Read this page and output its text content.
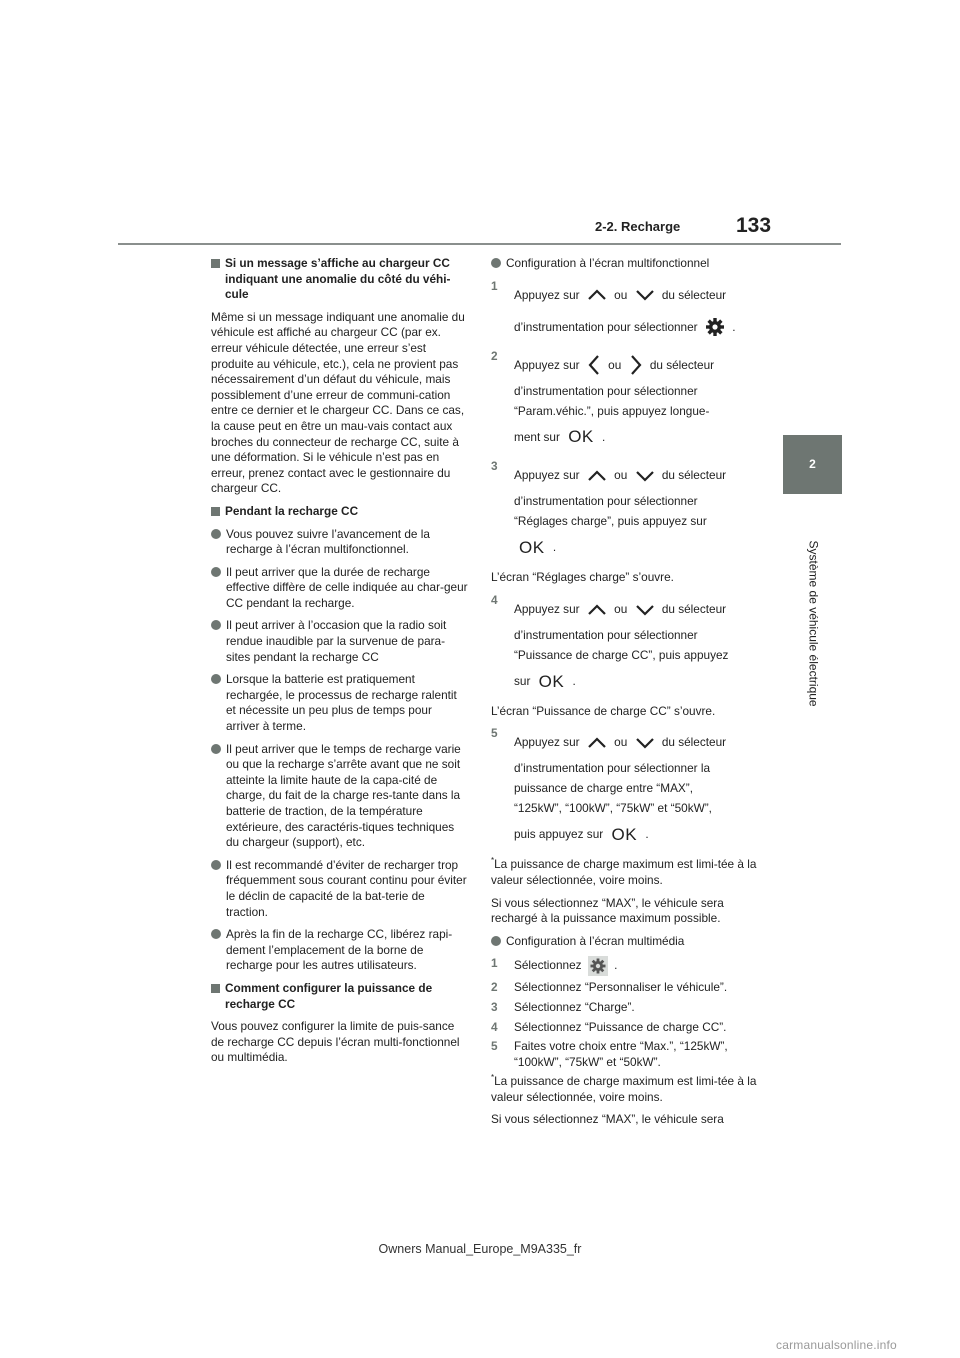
2-2. Recharge	133
2
Système de véhicule électrique

Si un message s’affiche au chargeur CC indiquant une anomalie du côté du véhi-cule

Même si un message indiquant une anomalie du véhicule est affiché au chargeur CC (par ex. erreur véhicule détectée, une erreur s’est produite au véhicule, etc.), cela ne provient pas nécessairement d’un défaut du véhicule, mais possiblement d’une erreur de communi-cation entre ce dernier et le chargeur CC. Dans ce cas, la cause peut en être un mau-vais contact aux broches du connecteur de recharge CC, suite à une déformation. Si le véhicule n’est pas en erreur, prenez contact avec le gestionnaire du chargeur CC.

Pendant la recharge CC

Vous pouvez suivre l’avancement de la recharge à l’écran multifonctionnel.

Il peut arriver que la durée de recharge effective diffère de celle indiquée au char-geur CC pendant la recharge.

Il peut arriver à l’occasion que la radio soit rendue inaudible par la survenue de para-sites pendant la recharge CC

Lorsque la batterie est pratiquement rechargée, le processus de recharge ralentit et nécessite un peu plus de temps pour arriver à terme.

Il peut arriver que le temps de recharge varie ou que la recharge s’arrête avant que ne soit atteinte la limite haute de la capa-cité de charge, du fait de la charge res-tante dans la batterie de traction, de la température extérieure, des caractéris-tiques techniques du chargeur (support), etc.

Il est recommandé d’éviter de recharger trop fréquemment sous courant continu pour éviter le déclin de capacité de la bat-terie de traction.

Après la fin de la recharge CC, libérez rapi-dement l’emplacement de la borne de recharge pour les autres utilisateurs.

Comment configurer la puissance de recharge CC

Vous pouvez configurer la limite de puis-sance de recharge CC depuis l’écran multi-fonctionnel ou multimédia.

Configuration à l’écran multifonctionnel

1
Appuyez sur	ou	du sélecteur
d’instrumentation pour sélectionner	.
2
Appuyez sur ou du sélecteur
d’instrumentation pour sélectionner
“Param.véhic.”, puis appuyez longue-
ment sur OK .
3
Appuyez sur	ou	du sélecteur
d’instrumentation pour sélectionner
“Réglages charge”, puis appuyez sur
OK .

L’écran “Réglages charge” s’ouvre.

4
Appuyez sur	ou	du sélecteur
d’instrumentation pour sélectionner
“Puissance de charge CC”, puis appuyez
sur OK .

L’écran “Puissance de charge CC” s’ouvre.

5
Appuyez sur	ou	du sélecteur
d’instrumentation pour sélectionner la
puissance de charge entre “MAX”,
“125kW”, “100kW”, “75kW” et “50kW”,
puis appuyez sur OK .

*La puissance de charge maximum est limi-tée à la valeur sélectionnée, voire moins.

Si vous sélectionnez “MAX”, le véhicule sera rechargé à la puissance maximum possible.

Configuration à l’écran multimédia

1 Sélectionnez	.
2 Sélectionnez “Personnaliser le véhicule”.
3 Sélectionnez “Charge”.
4 Sélectionnez “Puissance de charge CC”.
5 Faites votre choix entre “Max.”, “125kW”, “100kW”, “75kW” et “50kW”.

*La puissance de charge maximum est limi-tée à la valeur sélectionnée, voire moins.

Si vous sélectionnez “MAX”, le véhicule sera

Owners Manual_Europe_M9A335_fr
carmanualsonline.info
